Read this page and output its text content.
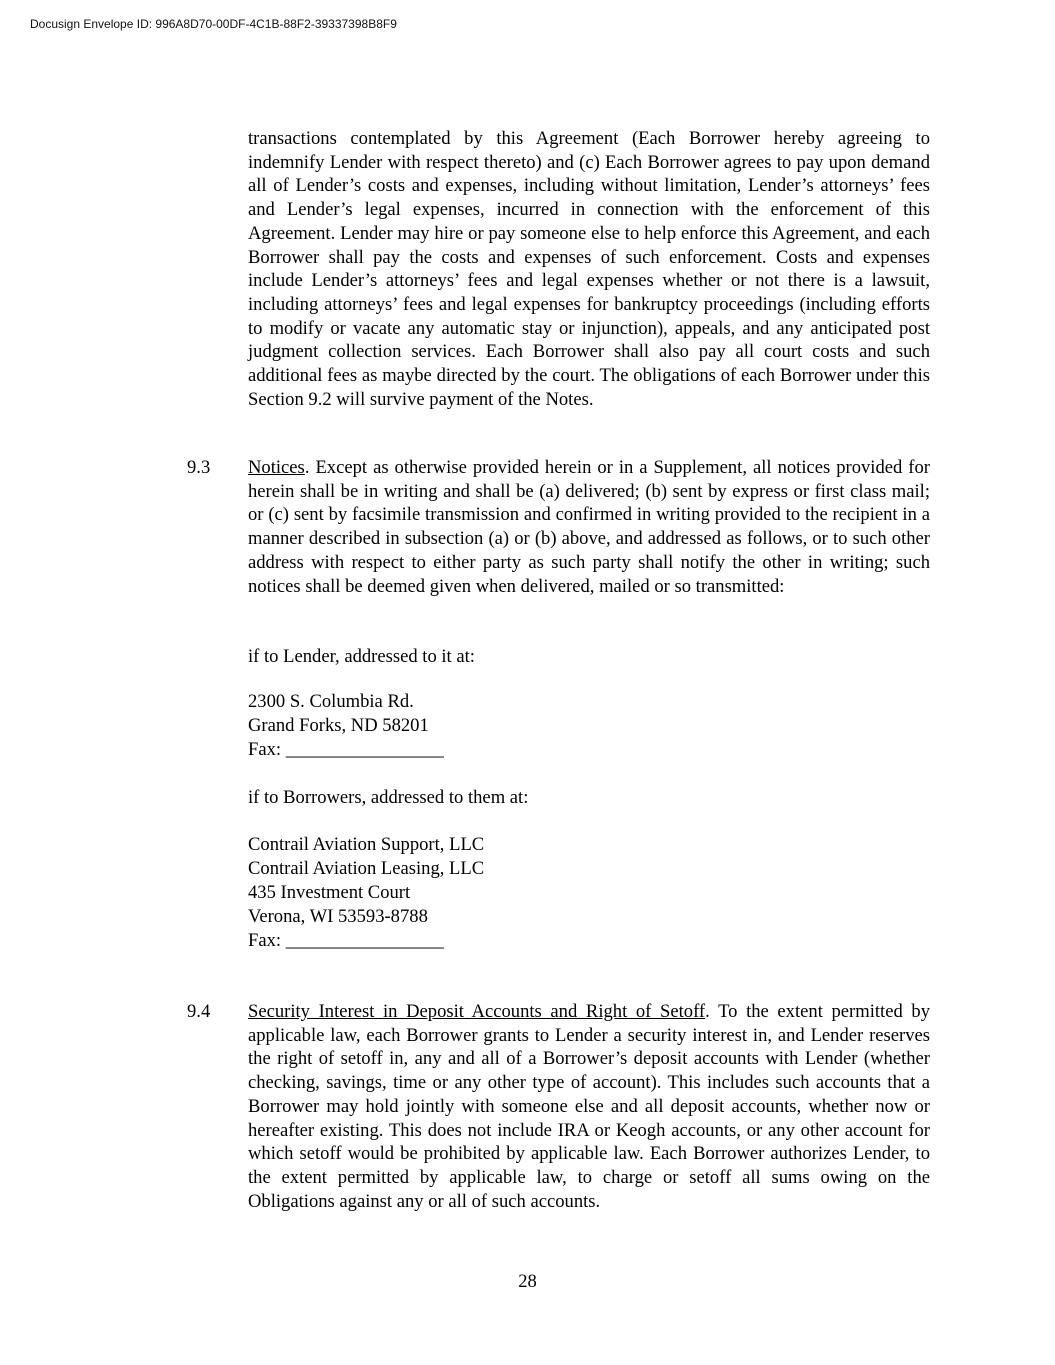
Docusign Envelope ID: 996A8D70-00DF-4C1B-88F2-39337398B8F9

transactions contemplated by this Agreement (Each Borrower hereby agreeing to indemnify Lender with respect thereto) and (c) Each Borrower agrees to pay upon demand all of Lender’s costs and expenses, including without limitation, Lender’s attorneys’ fees and Lender’s legal expenses, incurred in connection with the enforcement of this Agreement. Lender may hire or pay someone else to help enforce this Agreement, and each Borrower shall pay the costs and expenses of such enforcement. Costs and expenses include Lender’s attorneys’ fees and legal expenses whether or not there is a lawsuit, including attorneys’ fees and legal expenses for bankruptcy proceedings (including efforts to modify or vacate any automatic stay or injunction), appeals, and any anticipated post judgment collection services. Each Borrower shall also pay all court costs and such additional fees as maybe directed by the court. The obligations of each Borrower under this Section 9.2 will survive payment of the Notes.

9.3 Notices. Except as otherwise provided herein or in a Supplement, all notices provided for herein shall be in writing and shall be (a) delivered; (b) sent by express or first class mail; or (c) sent by facsimile transmission and confirmed in writing provided to the recipient in a manner described in subsection (a) or (b) above, and addressed as follows, or to such other address with respect to either party as such party shall notify the other in writing; such notices shall be deemed given when delivered, mailed or so transmitted:

if to Lender, addressed to it at:
2300 S. Columbia Rd.
Grand Forks, ND 58201
Fax: _________________
if to Borrowers, addressed to them at:
Contrail Aviation Support, LLC
Contrail Aviation Leasing, LLC
435 Investment Court
Verona, WI 53593-8788
Fax: _________________
9.4 Security Interest in Deposit Accounts and Right of Setoff. To the extent permitted by applicable law, each Borrower grants to Lender a security interest in, and Lender reserves the right of setoff in, any and all of a Borrower’s deposit accounts with Lender (whether checking, savings, time or any other type of account). This includes such accounts that a Borrower may hold jointly with someone else and all deposit accounts, whether now or hereafter existing. This does not include IRA or Keogh accounts, or any other account for which setoff would be prohibited by applicable law. Each Borrower authorizes Lender, to the extent permitted by applicable law, to charge or setoff all sums owing on the Obligations against any or all of such accounts.

28
